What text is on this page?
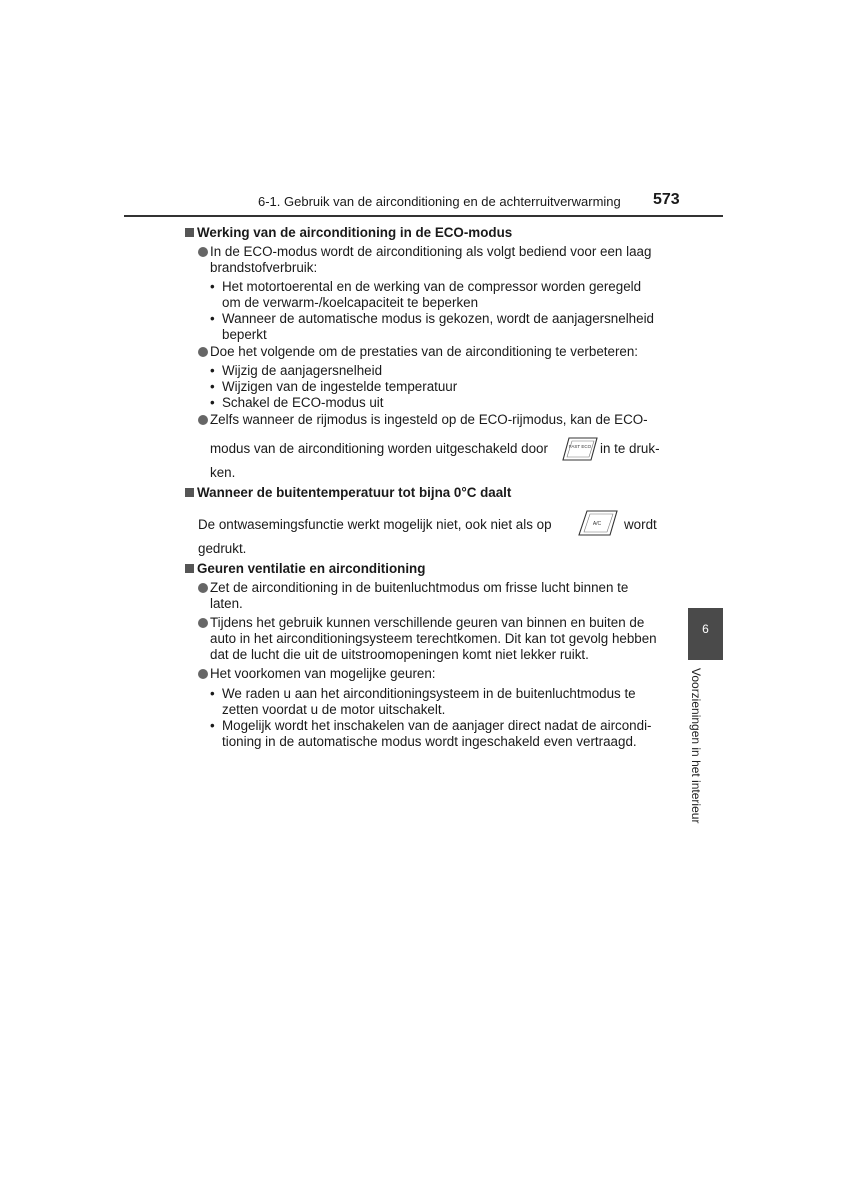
6-1. Gebruik van de airconditioning en de achterruitverwarming 573
6
Voorzieningen in het interieur
Werking van de airconditioning in de ECO-modus
In de ECO-modus wordt de airconditioning als volgt bediend voor een laag
brandstofverbruik:
• Het motortoerental en de werking van de compressor worden geregeld
om de verwarm-/koelcapaciteit te beperken
• Wanneer de automatische modus is gekozen, wordt de aanjagersnelheid
beperkt
Doe het volgende om de prestaties van de airconditioning te verbeteren:
• Wijzig de aanjagersnelheid
• Wijzigen van de ingestelde temperatuur
• Schakel de ECO-modus uit
Zelfs wanneer de rijmodus is ingesteld op de ECO-rijmodus, kan de ECO-
modus van de airconditioning worden uitgeschakeld door	FAST ECO in te druk-
ken.
Wanneer de buitentemperatuur tot bijna 0°C daalt
De ontwasemingsfunctie werkt mogelijk niet, ook niet als op	A/C wordt
gedrukt.
Geuren ventilatie en airconditioning
Zet de airconditioning in de buitenluchtmodus om frisse lucht binnen te
laten.
Tijdens het gebruik kunnen verschillende geuren van binnen en buiten de
auto in het airconditioningsysteem terechtkomen. Dit kan tot gevolg hebben
dat de lucht die uit de uitstroomopeningen komt niet lekker ruikt.
Het voorkomen van mogelijke geuren:
• We raden u aan het airconditioningsysteem in de buitenluchtmodus te
zetten voordat u de motor uitschakelt.
• Mogelijk wordt het inschakelen van de aanjager direct nadat de aircondi-
tioning in de automatische modus wordt ingeschakeld even vertraagd.
